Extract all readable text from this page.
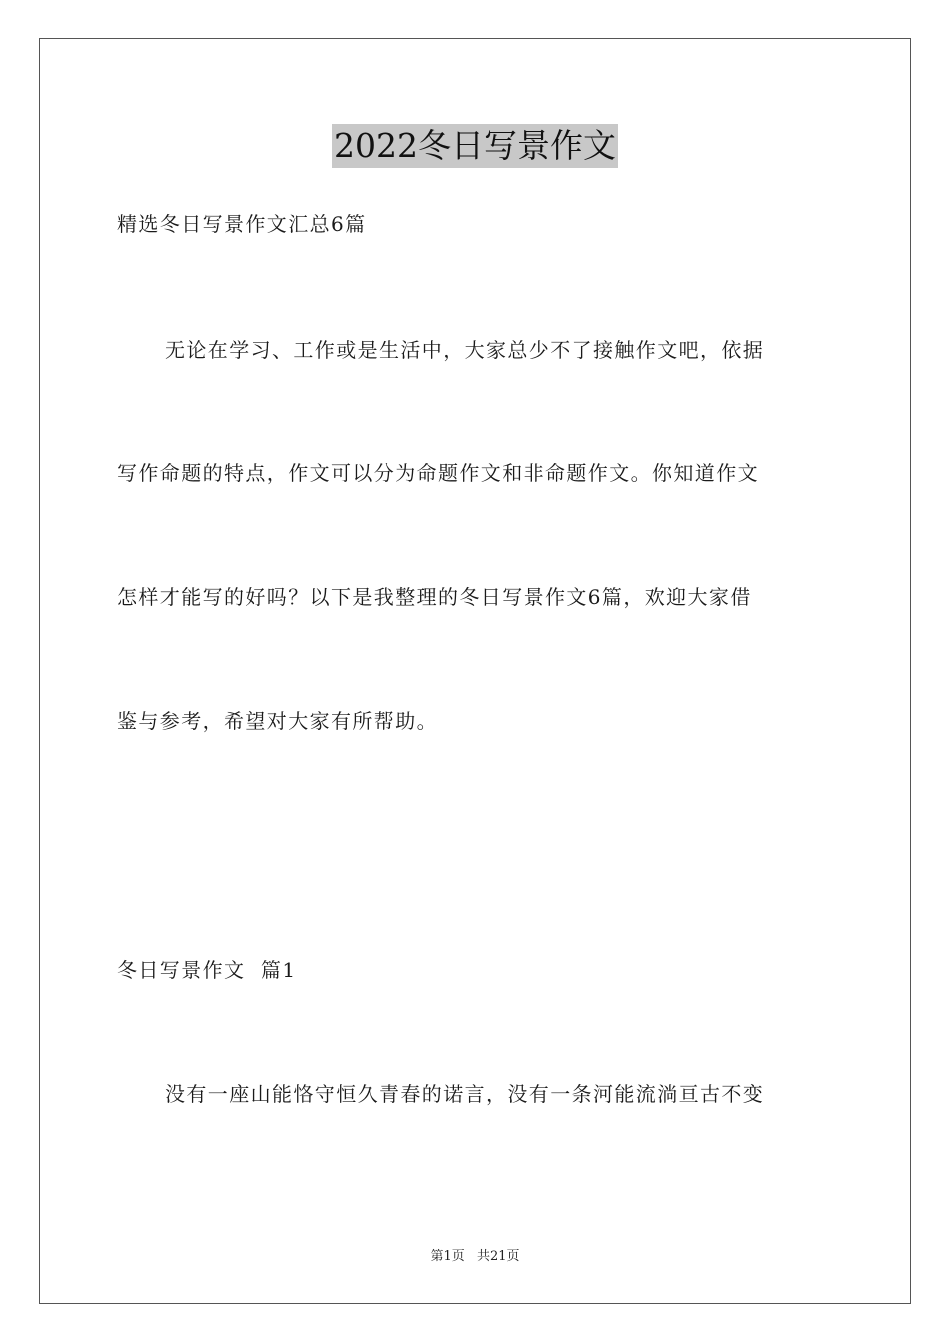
2022冬日写景作文
精选冬日写景作文汇总6篇
无论在学习、工作或是生活中，大家总少不了接触作文吧，依据
写作命题的特点，作文可以分为命题作文和非命题作文。你知道作文
怎样才能写的好吗？以下是我整理的冬日写景作文6篇，欢迎大家借
鉴与参考，希望对大家有所帮助。
冬日写景作文  篇1
没有一座山能恪守恒久青春的诺言，没有一条河能流淌亘古不变
第1页 共21页
